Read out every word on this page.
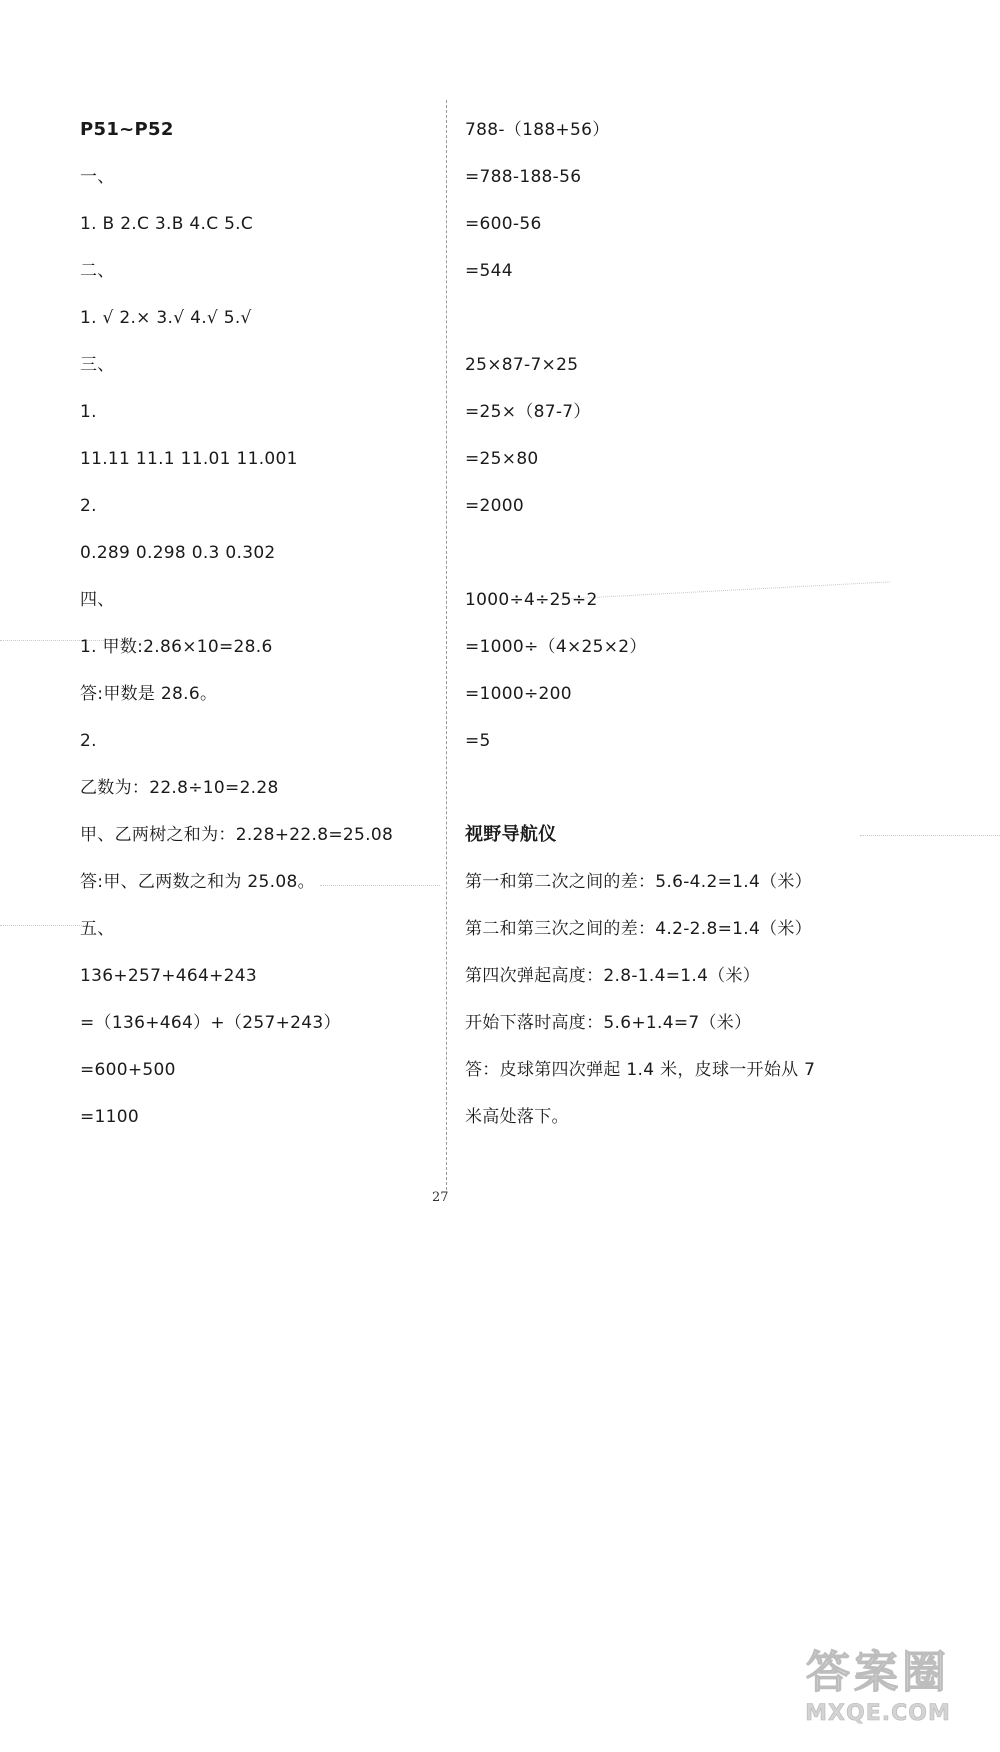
P51~P52
一、
1. B 2.C 3.B 4.C 5.C
二、
1. √ 2.× 3.√ 4.√ 5.√
三、
1.
11.11 11.1 11.01 11.001
2.
0.289 0.298 0.3 0.302
四、
1. 甲数:2.86×10=28.6
答:甲数是 28.6。
2.
乙数为：22.8÷10=2.28
甲、乙两树之和为：2.28+22.8=25.08
答:甲、乙两数之和为 25.08。
五、
136+257+464+243
=（136+464）+（257+243）
=600+500
=1100
788-（188+56）
=788-188-56
=600-56
=544
25×87-7×25
=25×（87-7）
=25×80
=2000
1000÷4÷25÷2
=1000÷（4×25×2）
=1000÷200
=5
视野导航仪
第一和第二次之间的差：5.6-4.2=1.4（米）
第二和第三次之间的差：4.2-2.8=1.4（米）
第四次弹起高度：2.8-1.4=1.4（米）
开始下落时高度：5.6+1.4=7（米）
答：皮球第四次弹起 1.4 米，皮球一开始从 7
米高处落下。
27
答案圈
MXQE.COM
